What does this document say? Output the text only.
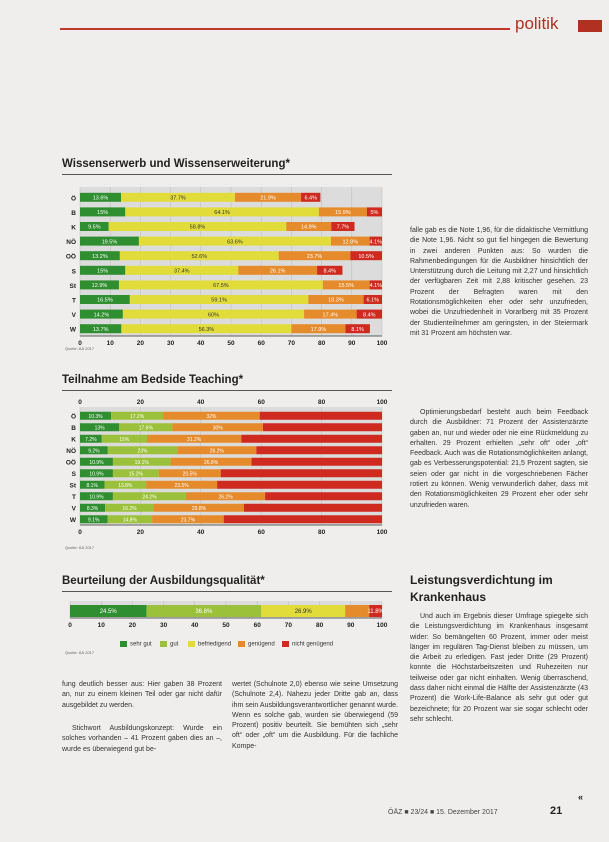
politik
Wissenserwerb und Wissenserweiterung*
0	10	20	30	40	50	60	70	80	90	100
Ö	13.6%	37.7%	21.9%	6.4%
B	15%	64.1%	15.9%	5%
K 9.5%	58.8%	14.9%	7.7%
NÖ	19.5%	63.6%	12.8% 4.1%
OÖ	13.2%	52.6%	23.7%	10.5%
S	15%	37.4%	26.1%	8.4%
St	12.9%	67.5%	15.5%	4.1%
T	16.5%	59.1%	18.3%	6.1%
V	14.2%	60%	17.4%	8.4%
W	13.7%	56.3%	17.9%	8.1%
Quelle: ÄÄ 2017
Teilnahme am Bedside Teaching*
0
0
20
20
40
40
60
60
80
80
100
100
Ö 10.3%	17.2%	32%
B	13%	17.6%	30%
K 7.2%	15%	31.2%
NÖ 9.2%	23%	26.2%
OÖ	10.9%	19.1%	26.8%
S	10.9%	15.2%	20.5%
St 8.1%	13.8%	23.5%
T	10.9%	24.2%	26.2%
V 8.3%	16.2%	29.8%
W 9.1%	14.8%	23.7%
Quelle: ÄÄ 2017
Beurteilung der Ausbildungsqualität*
0	10	20	30	40	50	60	70	80	90	100
24.5%	36.8%	26.9%	11.8%
sehr gut	gut	befriedigend	genügend	nicht genügend
Quelle: ÄÄ 2017
falle gab es die Note 1,96, für die didaktische Vermittlung die Note 1,96. Nicht so gut fiel hingegen die Bewertung in zwei anderen Punkten aus: So wurden die Rahmenbedingungen für die Ausbildner hinsichtlich der Unterstützung durch die Leitung mit 2,27 und hinsichtlich der verfügbaren Zeit mit 2,88 kritischer gesehen. 23 Prozent der Befragten waren mit den Rotationsmöglichkeiten eher oder sehr unzufrieden, wobei die Unzufriedenheit in Vorarlberg mit 35 Prozent der Studienteilnehmer am geringsten, in der Steiermark mit 31 Prozent am höchsten war.
Optimierungsbedarf besteht auch beim Feedback durch die Ausbildner: 71 Prozent der Assistenzärzte gaben an, nur und wieder oder nie eine Rückmeldung zu erhalten. 29 Prozent erhielten „sehr oft“ oder „oft“ Feedback. Auch was die Rotationsmöglichkeiten anlangt, gab es Verbesserungspotential: 21,5 Prozent sagten, sie seien oder gar nicht in die vorgeschriebenen Fächer rotiert zu können. Wenig verwunderlich daher, dass mit den Rotationsmöglichkeiten 29 Prozent eher oder sehr unzufrieden waren.
Leistungsverdichtung im Krankenhaus
Und auch im Ergebnis dieser Umfrage spiegelte sich die Leistungsverdichtung im Krankenhaus insgesamt wider: So bemängelten 60 Prozent, immer oder meist länger im regulären Tag-Dienst bleiben zu müssen, um die Arbeit zu erledigen. Fast jeder Dritte (29 Prozent) konnte die Höchstarbeitszeiten und Ruhezeiten nur teilweise oder gar nicht einhalten. Wenig überraschend, dass daher nicht einmal die Hälfte der Assistenzärzte (43 Prozent) die Work-Life-Balance als sehr gut oder gut bezeichnete; für 20 Prozent war sie sogar schlecht oder sehr schlecht.
fung deutlich besser aus: Hier gaben 38 Prozent an, nur zu einem kleinen Teil oder gar nicht dafür ausgebildet zu werden.
Stichwort Ausbildungskonzept: Wurde ein solches vorhanden – 41 Prozent gaben dies an –, wurde es überwiegend gut be-
wertet (Schulnote 2,0) ebenso wie seine Umsetzung (Schulnote 2,4). Nahezu jeder Dritte gab an, dass ihm sein Ausbildungsverantwortlicher genannt wurde. Wenn es solche gab, wurden sie überwiegend (59 Prozent) positiv beurteilt. Sie bemühten sich „sehr oft“ oder „oft“ um die Ausbildung. Für die fachliche Kompe-
«
ÖÄZ ■ 23/24 ■ 15. Dezember 2017	21
